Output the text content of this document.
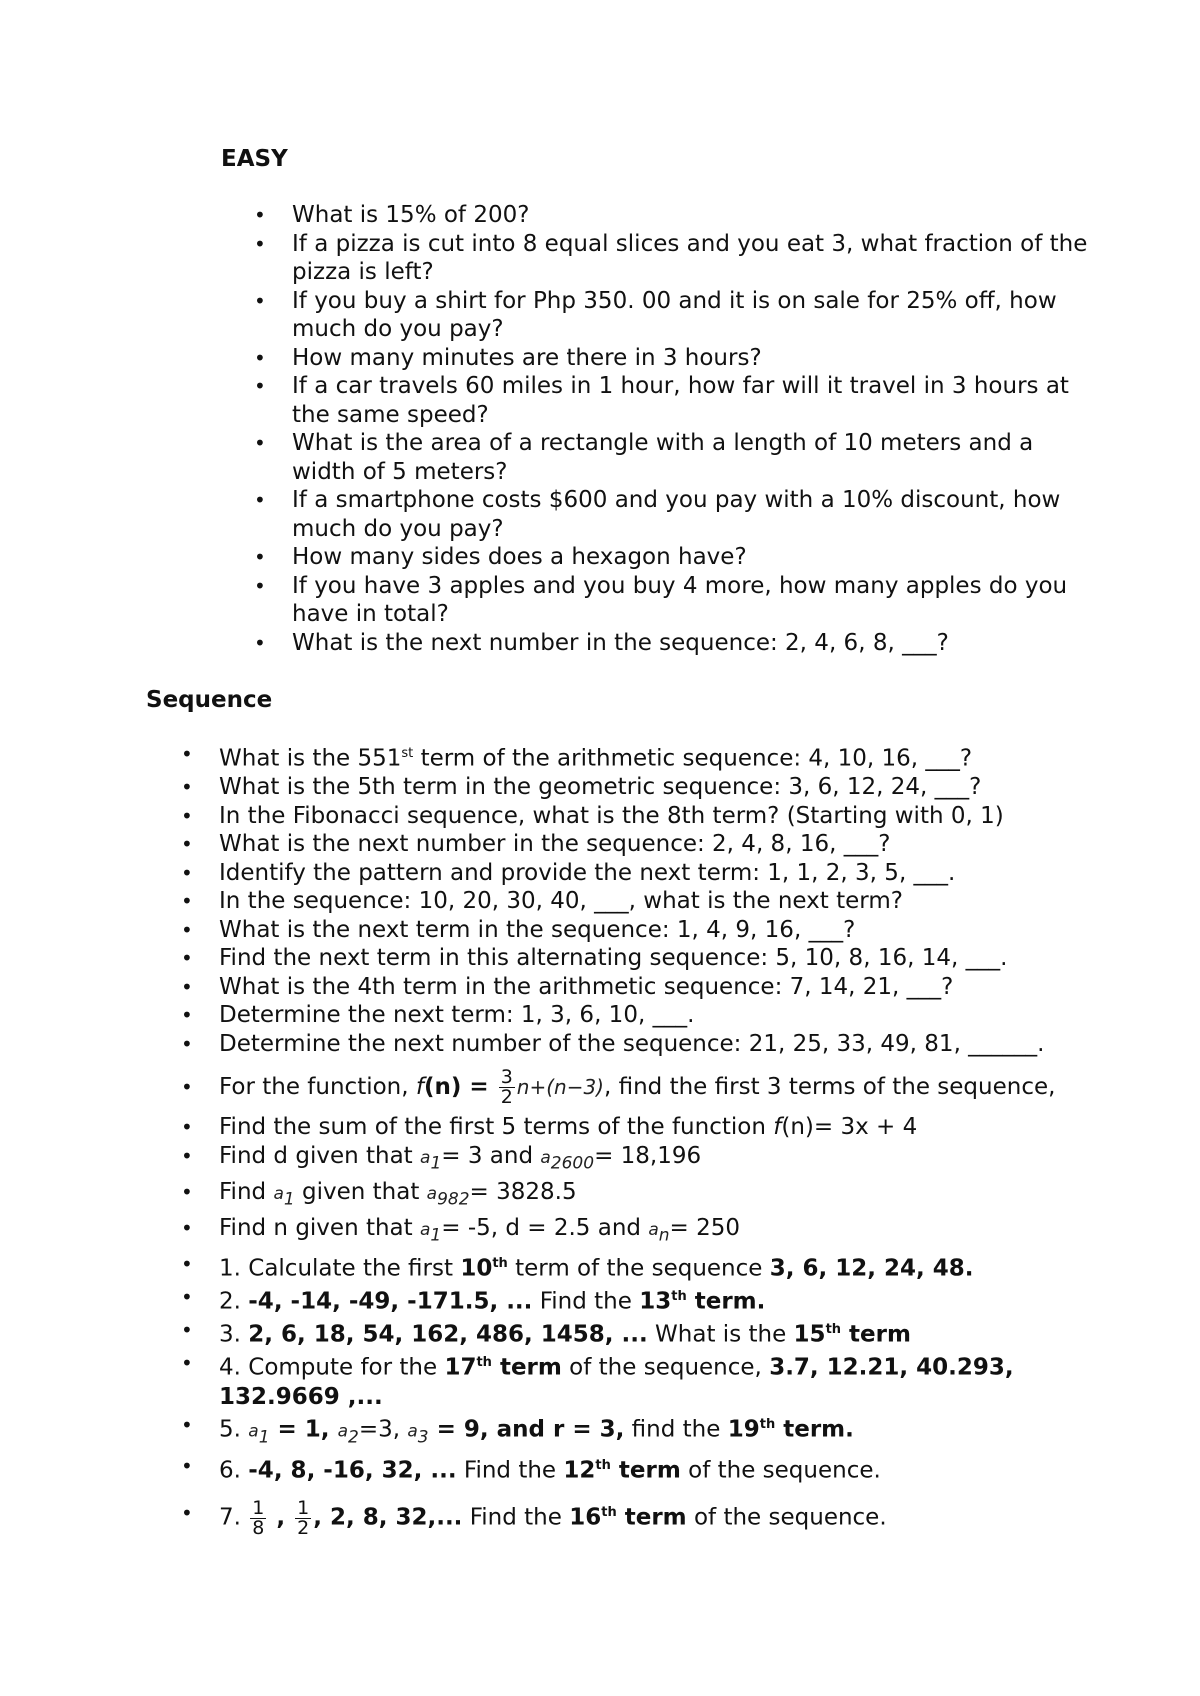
EASY
• What is 15% of 200?
• If a pizza is cut into 8 equal slices and you eat 3, what fraction of the pizza is left?
• If you buy a shirt for Php 350. 00 and it is on sale for 25% off, how much do you pay?
• How many minutes are there in 3 hours?
• If a car travels 60 miles in 1 hour, how far will it travel in 3 hours at the same speed?
• What is the area of a rectangle with a length of 10 meters and a width of 5 meters?
• If a smartphone costs $600 and you pay with a 10% discount, how much do you pay?
• How many sides does a hexagon have?
• If you have 3 apples and you buy 4 more, how many apples do you have in total?
• What is the next number in the sequence: 2, 4, 6, 8, ___?
Sequence
• What is the 551st term of the arithmetic sequence: 4, 10, 16, ___?
• What is the 5th term in the geometric sequence: 3, 6, 12, 24, ___?
• In the Fibonacci sequence, what is the 8th term? (Starting with 0, 1)
• What is the next number in the sequence: 2, 4, 8, 16, ___?
• Identify the pattern and provide the next term: 1, 1, 2, 3, 5, ___.
• In the sequence: 10, 20, 30, 40, ___, what is the next term?
• What is the next term in the sequence: 1, 4, 9, 16, ___?
• Find the next term in this alternating sequence: 5, 10, 8, 16, 14, ___.
• What is the 4th term in the arithmetic sequence: 7, 14, 21, ___?
• Determine the next term: 1, 3, 6, 10, ___.
• Determine the next number of the sequence: 21, 25, 33, 49, 81, ______.
• For the function, $f(n) = \frac{3}{2} n+(n-3)$, find the first 3 terms of the sequence,
• Find the sum of the first 5 terms of the function f(n)= 3x + 4
• Find d given that $a_1= 3$ and $a_{2600}= 18,196$
• Find $a_1$ given that $a_{982}= 3828.5$
• Find n given that $a_1= -5$, d = 2.5 and $a_n= 250$
• 1. Calculate the first 10th term of the sequence 3, 6, 12, 24, 48.
• 2. -4, -14, -49, -171.5, ... Find the 13th term.
• 3. 2, 6, 18, 54, 162, 486, 1458, ... What is the 15th term
• 4. Compute for the 17th term of the sequence, 3.7, 12.21, 40.293, 132.9669 ,...
• 5. $a_1 = 1$, $a_2=3$, $a_3 = 9$, and r = 3, find the 19th term.
• 6. -4, 8, -16, 32, ... Find the 12th term of the sequence.
• 7. $\frac{1}{8}$ , $\frac{1}{2}$ , 2, 8, 32,... Find the 16th term of the sequence.
